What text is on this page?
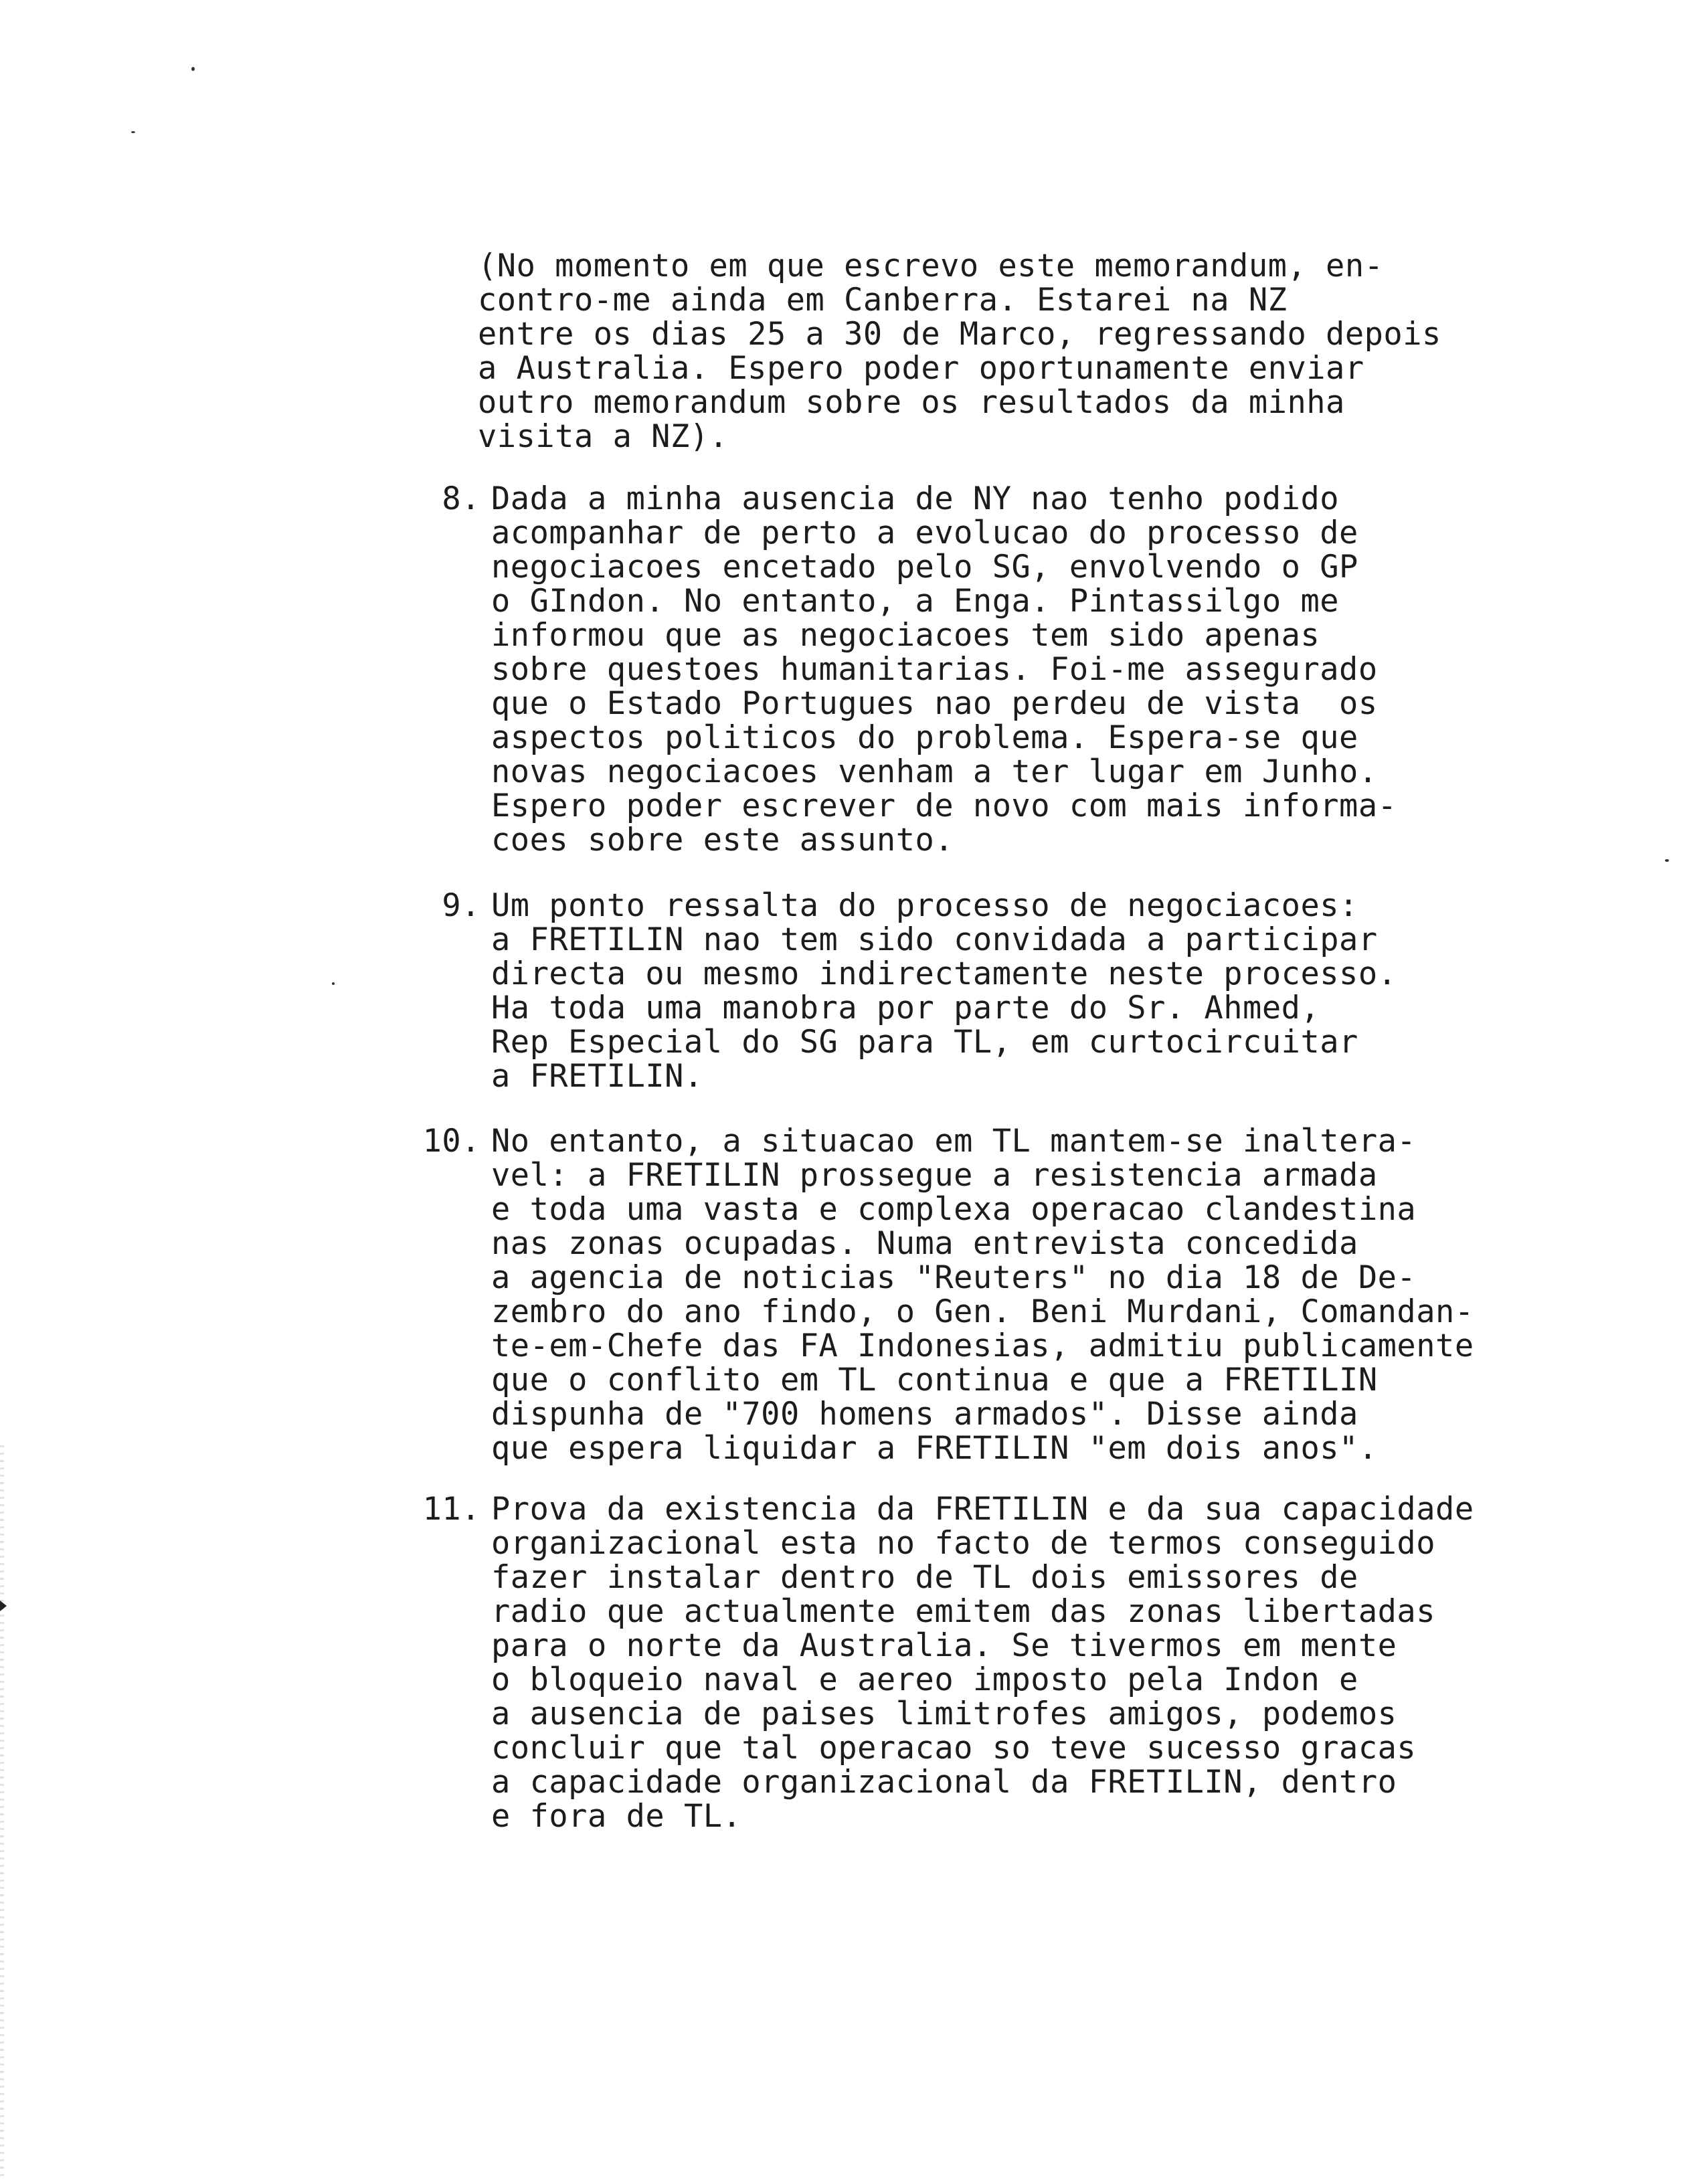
(No momento em que escrevo este memorandum, en-
contro-me ainda em Canberra. Estarei na NZ
entre os dias 25 a 30 de Marco, regressando depois
a Australia. Espero poder oportunamente enviar
outro memorandum sobre os resultados da minha
visita a NZ).
8. Dada a minha ausencia de NY nao tenho podido
acompanhar de perto a evolucao do processo de
negociacoes encetado pelo SG, envolvendo o GP
o GIndon. No entanto, a Enga. Pintassilgo me
informou que as negociacoes tem sido apenas
sobre questoes humanitarias. Foi-me assegurado
que o Estado Portugues nao perdeu de vista  os
aspectos politicos do problema. Espera-se que
novas negociacoes venham a ter lugar em Junho.
Espero poder escrever de novo com mais informa-
coes sobre este assunto.
9. Um ponto ressalta do processo de negociacoes:
a FRETILIN nao tem sido convidada a participar
directa ou mesmo indirectamente neste processo.
Ha toda uma manobra por parte do Sr. Ahmed,
Rep Especial do SG para TL, em curtocircuitar
a FRETILIN.
10. No entanto, a situacao em TL mantem-se inaltera-
vel: a FRETILIN prossegue a resistencia armada
e toda uma vasta e complexa operacao clandestina
nas zonas ocupadas. Numa entrevista concedida
a agencia de noticias "Reuters" no dia 18 de De-
zembro do ano findo, o Gen. Beni Murdani, Comandan-
te-em-Chefe das FA Indonesias, admitiu publicamente
que o conflito em TL continua e que a FRETILIN
dispunha de "700 homens armados". Disse ainda
que espera liquidar a FRETILIN "em dois anos".
11. Prova da existencia da FRETILIN e da sua capacidade
organizacional esta no facto de termos conseguido
fazer instalar dentro de TL dois emissores de
radio que actualmente emitem das zonas libertadas
para o norte da Australia. Se tivermos em mente
o bloqueio naval e aereo imposto pela Indon e
a ausencia de paises limitrofes amigos, podemos
concluir que tal operacao so teve sucesso gracas
a capacidade organizacional da FRETILIN, dentro
e fora de TL.
